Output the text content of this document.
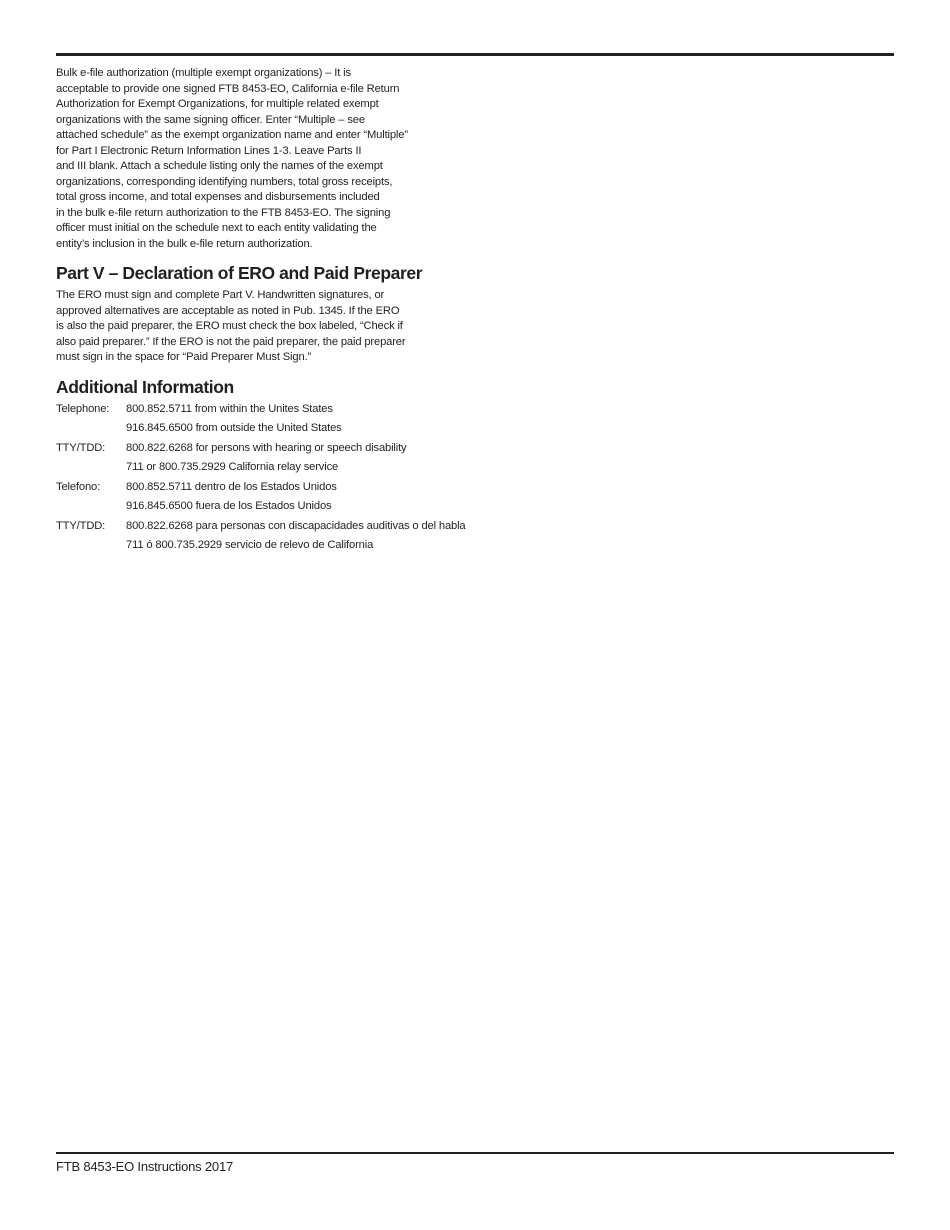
Bulk e-file authorization (multiple exempt organizations) – It is
acceptable to provide one signed FTB 8453-EO, California e-file Return
Authorization for Exempt Organizations, for multiple related exempt
organizations with the same signing officer. Enter “Multiple – see
attached schedule” as the exempt organization name and enter “Multiple”
for Part I Electronic Return Information Lines 1-3. Leave Parts II
and III blank. Attach a schedule listing only the names of the exempt
organizations, corresponding identifying numbers, total gross receipts,
total gross income, and total expenses and disbursements included
in the bulk e-file return authorization to the FTB 8453-EO. The signing
officer must initial on the schedule next to each entity validating the
entity’s inclusion in the bulk e-file return authorization.

Part V – Declaration of ERO and Paid Preparer

The ERO must sign and complete Part V. Handwritten signatures, or
approved alternatives are acceptable as noted in Pub. 1345. If the ERO
is also the paid preparer, the ERO must check the box labeled, “Check if
also paid preparer.” If the ERO is not the paid preparer, the paid preparer
must sign in the space for “Paid Preparer Must Sign.”

Additional Information
Telephone:	800.852.5711 from within the Unites States
916.845.6500 from outside the United States
TTY/TDD:	800.822.6268 for persons with hearing or speech disability
711 or 800.735.2929 California relay service
Telefono:	800.852.5711 dentro de los Estados Unidos
916.845.6500 fuera de los Estados Unidos
TTY/TDD:	800.822.6268 para personas con discapacidades auditivas o del habla
711 ó 800.735.2929 servicio de relevo de California
FTB 8453-EO Instructions 2017
